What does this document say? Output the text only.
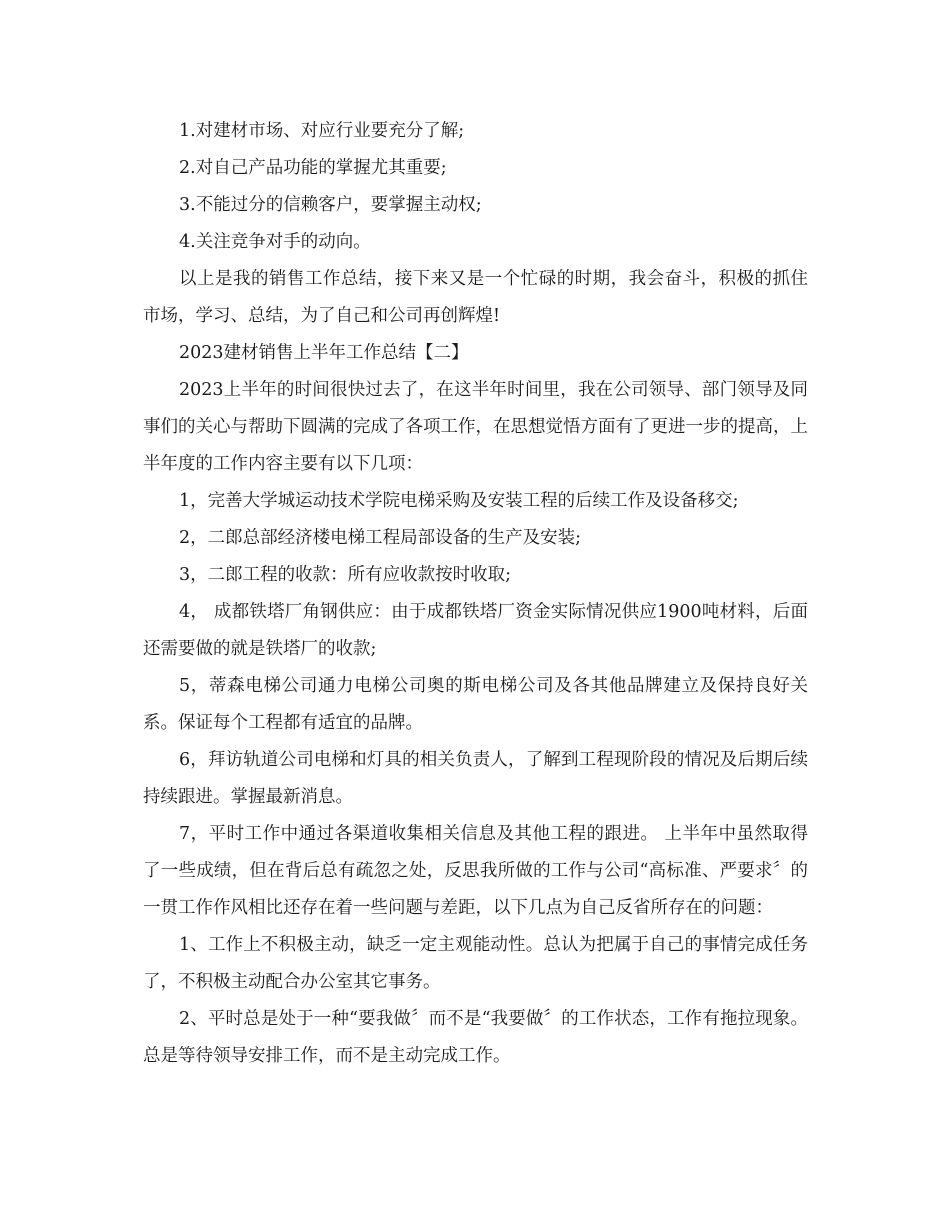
1.对建材市场、对应行业要充分了解;

2.对自己产品功能的掌握尤其重要;

3.不能过分的信赖客户，要掌握主动权;

4.关注竞争对手的动向。

以上是我的销售工作总结，接下来又是一个忙碌的时期，我会奋斗，积极的抓住市场，学习、总结，为了自己和公司再创辉煌!

2023建材销售上半年工作总结【二】

2023上半年的时间很快过去了，在这半年时间里，我在公司领导、部门领导及同事们的关心与帮助下圆满的完成了各项工作，在思想觉悟方面有了更进一步的提高，上半年度的工作内容主要有以下几项：

1，完善大学城运动技术学院电梯采购及安装工程的后续工作及设备移交;

2，二郎总部经济楼电梯工程局部设备的生产及安装;

3，二郎工程的收款：所有应收款按时收取;

4， 成都铁塔厂角钢供应：由于成都铁塔厂资金实际情况供应1900吨材料，后面还需要做的就是铁塔厂的收款;

5，蒂森电梯公司通力电梯公司奥的斯电梯公司及各其他品牌建立及保持良好关系。保证每个工程都有适宜的品牌。

6，拜访轨道公司电梯和灯具的相关负责人，了解到工程现阶段的情况及后期后续持续跟进。掌握最新消息。

7，平时工作中通过各渠道收集相关信息及其他工程的跟进。 上半年中虽然取得了一些成绩，但在背后总有疏忽之处，反思我所做的工作与公司“高标准、严要求〞的一贯工作作风相比还存在着一些问题与差距，以下几点为自己反省所存在的问题：

1、工作上不积极主动，缺乏一定主观能动性。总认为把属于自己的事情完成任务了，不积极主动配合办公室其它事务。

2、平时总是处于一种“要我做〞而不是“我要做〞的工作状态，工作有拖拉现象。总是等待领导安排工作，而不是主动完成工作。
